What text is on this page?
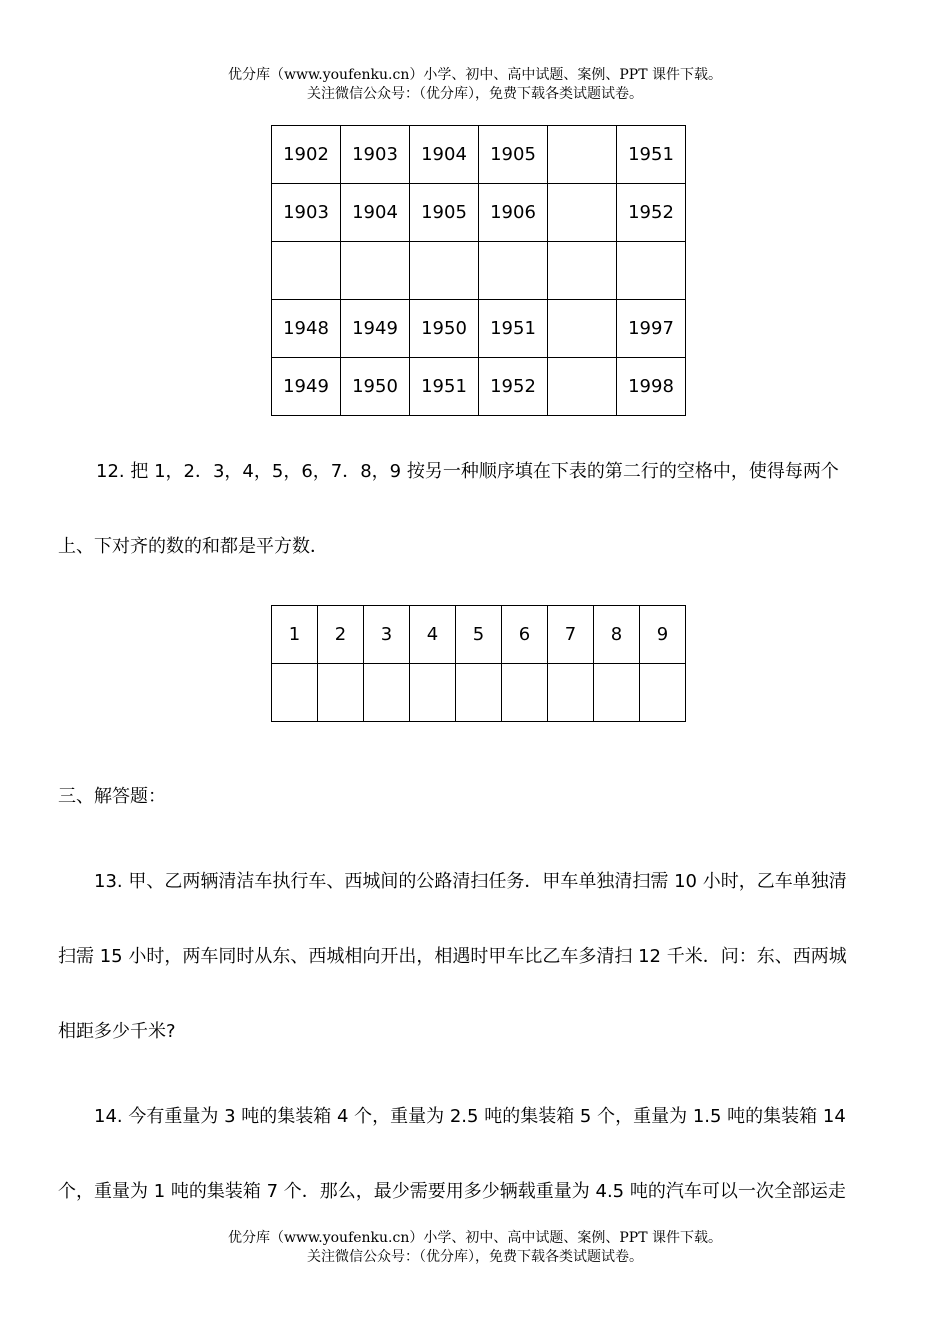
优分库（www.youfenku.cn）小学、初中、高中试题、案例、PPT 课件下载。
关注微信公众号：（优分库），免费下载各类试题试卷。
1902	1903	1904	1905		1951
1903	1904	1905	1906		1952

1948	1949	1950	1951		1997
1949	1950	1951	1952		1998
12. 把 1，2．3，4，5，6，7．8，9 按另一种顺序填在下表的第二行的空格中，使得每两个
上、下对齐的数的和都是平方数．
1	2	3	4	5	6	7	8	9

三、解答题：
13. 甲、乙两辆清洁车执行车、西城间的公路清扫任务．甲车单独清扫需 10 小时，乙车单独清
扫需 15 小时，两车同时从东、西城相向开出，相遇时甲车比乙车多清扫 12 千米．问：东、西两城
相距多少千米?
14. 今有重量为 3 吨的集装箱 4 个，重量为 2.5 吨的集装箱 5 个，重量为 1.5 吨的集装箱 14
个，重量为 1 吨的集装箱 7 个．那么，最少需要用多少辆载重量为 4.5 吨的汽车可以一次全部运走
优分库（www.youfenku.cn）小学、初中、高中试题、案例、PPT 课件下载。
关注微信公众号：（优分库），免费下载各类试题试卷。
